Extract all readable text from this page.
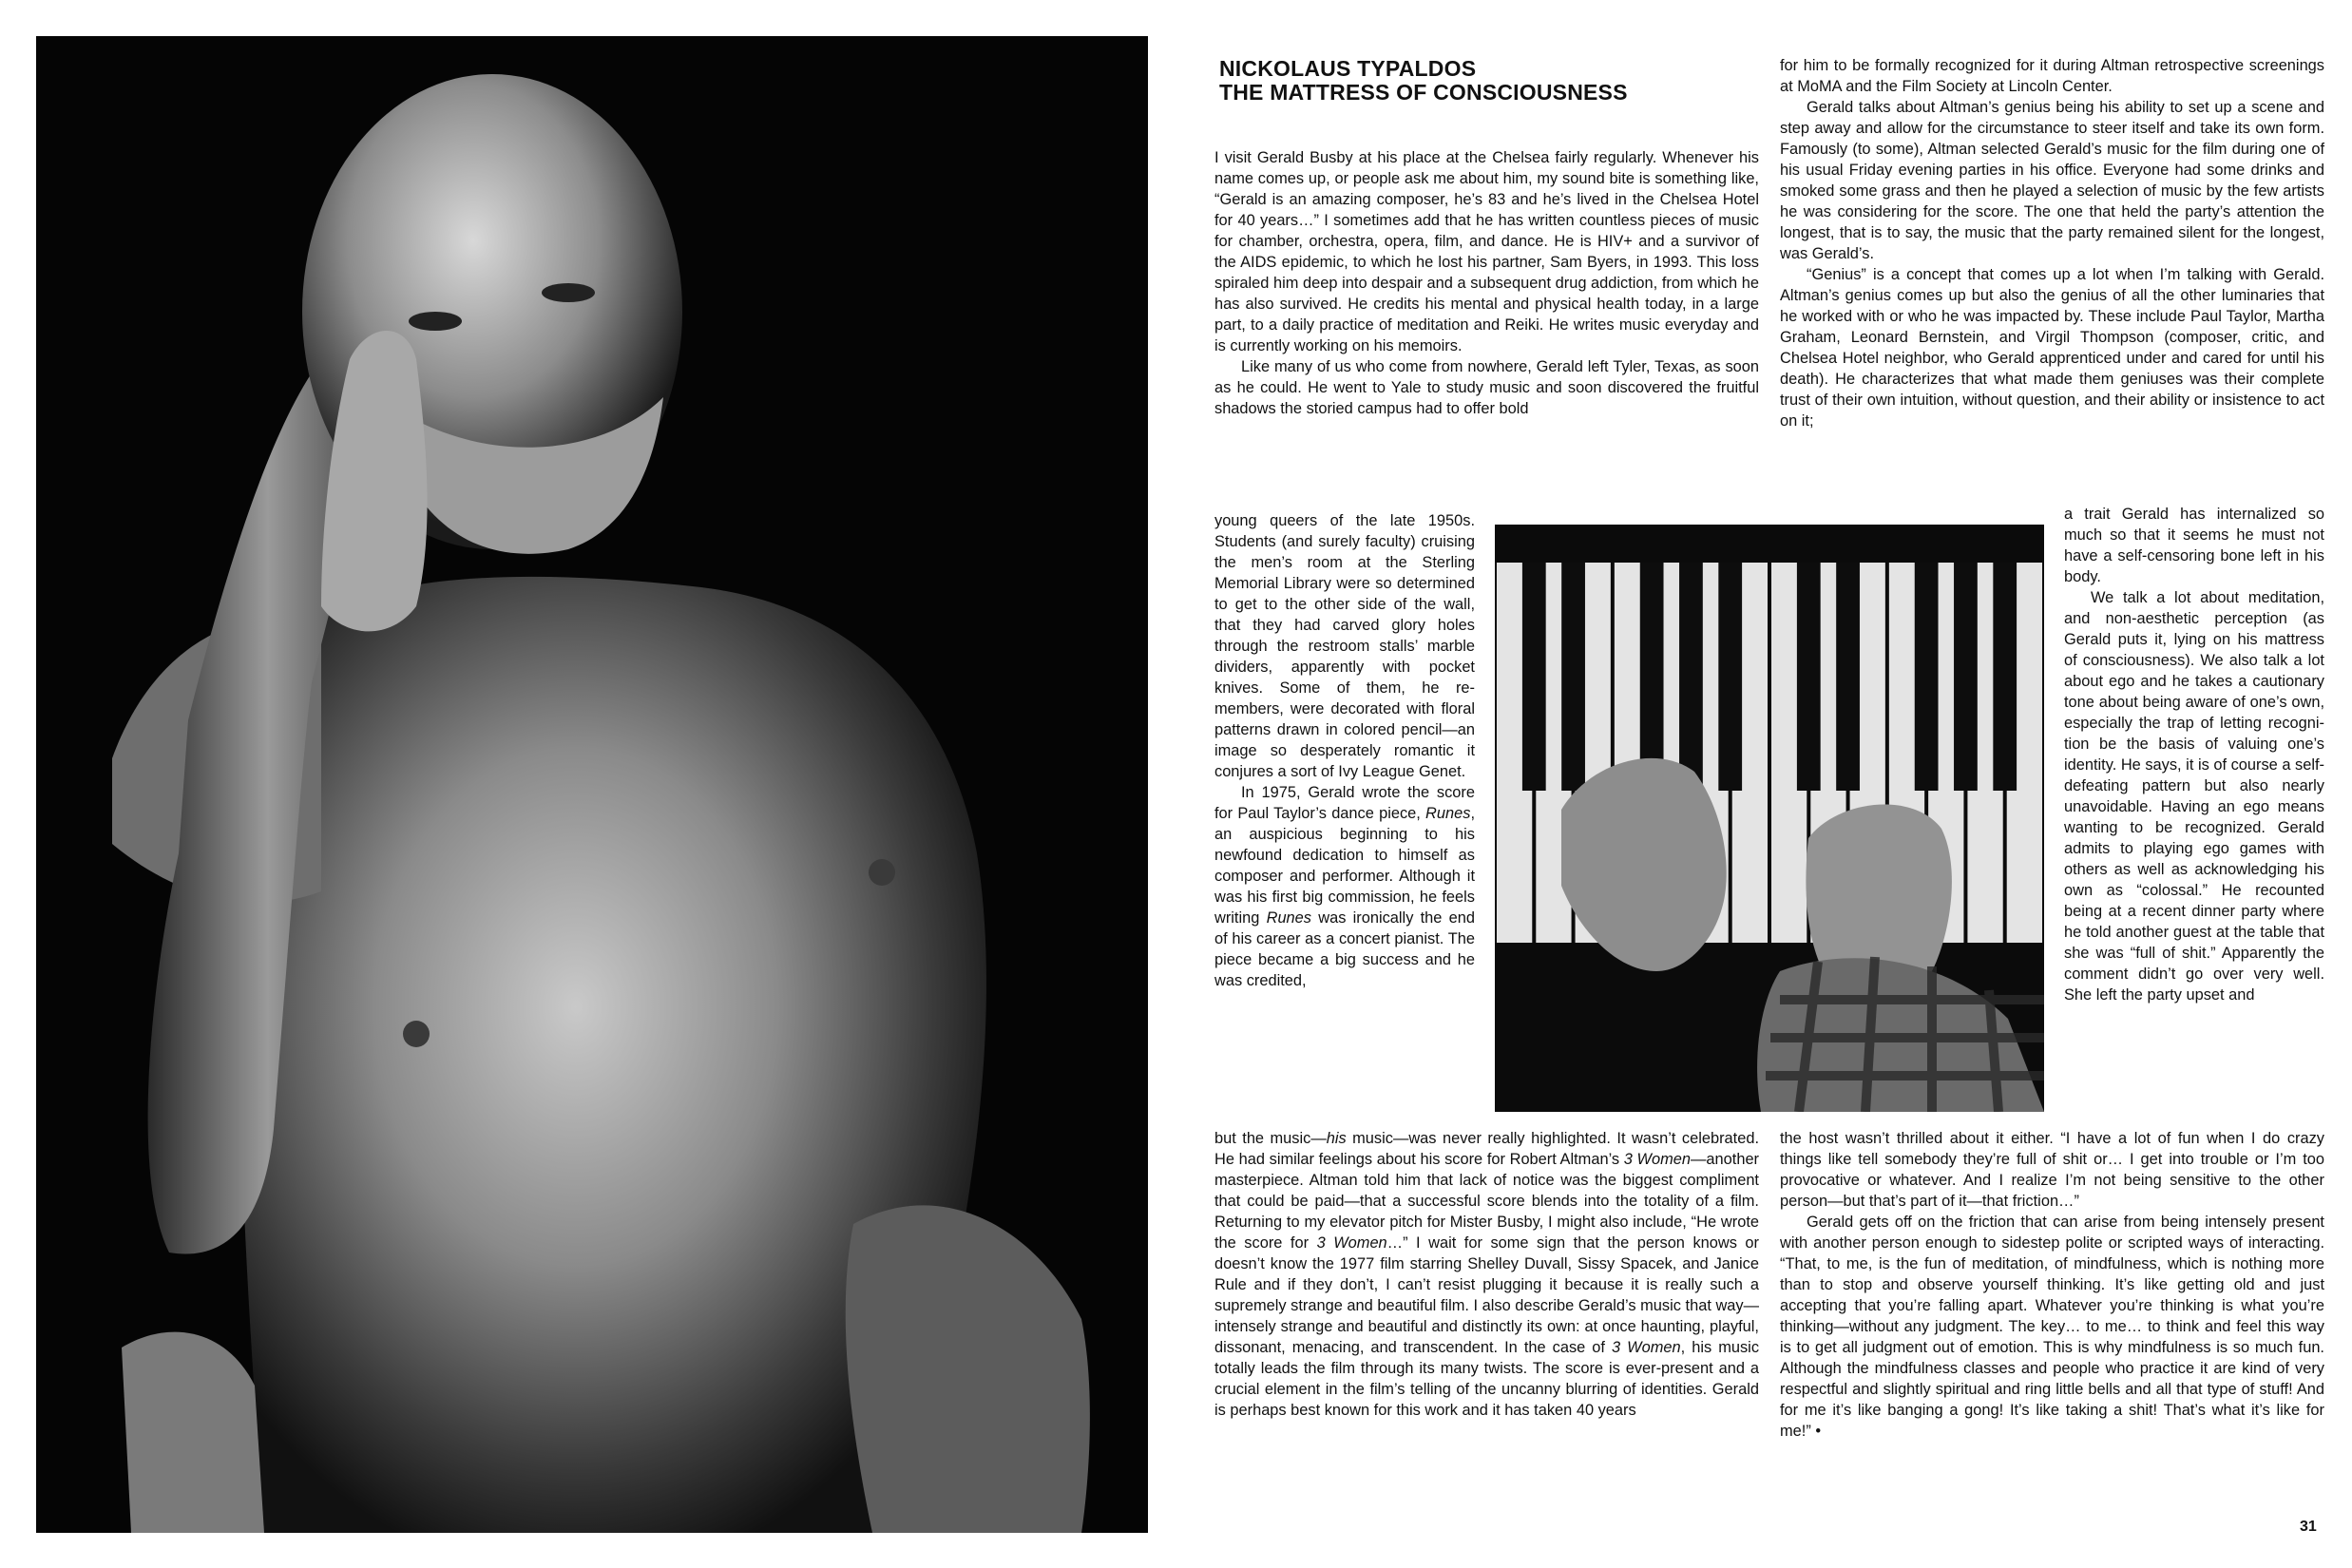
NICKOLAUS TYPALDOS
THE MATTRESS OF CONSCIOUSNESS

I visit Gerald Busby at his place at the Chelsea fairly regularly. Whenever his name comes up, or people ask me about him, my sound bite is something like, “Gerald is an amazing composer, he’s 83 and he’s lived in the Chelsea Hotel for 40 years…” I sometimes add that he has written countless pieces of music for chamber, orchestra, opera, film, and dance. He is HIV+ and a survivor of the AIDS epidemic, to which he lost his partner, Sam Byers, in 1993. This loss spiraled him deep into despair and a subsequent drug addiction, from which he has also survived. He credits his mental and physical health today, in a large part, to a daily practice of meditation and Reiki. He writes music everyday and is currently working on his memoirs.

Like many of us who come from nowhere, Gerald left Tyler, Texas, as soon as he could. He went to Yale to study music and soon discovered the fruitful shadows the storied campus had to offer bold

young queers of the late 1950s. Students (and surely faculty) cruising the men’s room at the Sterling Memorial Library were so determined to get to the other side of the wall, that they had carved glory holes through the restroom stalls’ marble dividers, apparently with pocket knives. Some of them, he remembers, were decorated with floral patterns drawn in colored pencil—an image so desperately romantic it conjures a sort of Ivy League Genet.

In 1975, Gerald wrote the score for Paul Taylor’s dance piece, Runes, an auspicious beginning to his newfound dedication to himself as composer and performer. Although it was his first big commission, he feels writing Runes was ironically the end of his career as a concert pianist. The piece became a big success and he was credited,

but the music—his music—was never really highlighted. It wasn’t celebrated. He had similar feelings about his score for Robert Altman’s 3 Women—another masterpiece. Altman told him that lack of notice was the biggest compliment that could be paid—that a successful score blends into the totality of a film. Returning to my elevator pitch for Mister Busby, I might also include, “He wrote the score for 3 Women…” I wait for some sign that the person knows or doesn’t know the 1977 film starring Shelley Duvall, Sissy Spacek, and Janice Rule and if they don’t, I can’t resist plugging it because it is really such a supremely strange and beautiful film. I also describe Gerald’s music that way—intensely strange and beautiful and distinctly its own: at once haunting, playful, dissonant, menacing, and transcendent. In the case of 3 Women, his music totally leads the film through its many twists. The score is ever-present and a crucial element in the film’s telling of the uncanny blurring of identities. Gerald is perhaps best known for this work and it has taken 40 years

for him to be formally recognized for it during Altman retrospective screenings at MoMA and the Film Society at Lincoln Center.

Gerald talks about Altman’s genius being his ability to set up a scene and step away and allow for the circumstance to steer itself and take its own form. Famously (to some), Altman selected Gerald’s music for the film during one of his usual Friday evening parties in his office. Everyone had some drinks and smoked some grass and then he played a selection of music by the few artists he was considering for the score. The one that held the party’s attention the longest, that is to say, the music that the party remained silent for the longest, was Gerald’s.

“Genius” is a concept that comes up a lot when I’m talking with Gerald. Altman’s genius comes up but also the genius of all the other luminaries that he worked with or who he was impacted by. These include Paul Taylor, Martha Graham, Leonard Bernstein, and Virgil Thompson (composer, critic, and Chelsea Hotel neighbor, who Gerald apprenticed under and cared for until his death). He characterizes that what made them geniuses was their complete trust of their own intuition, without question, and their ability or insistence to act on it;

a trait Gerald has internalized so much so that it seems he must not have a self-censoring bone left in his body.

We talk a lot about meditation, and non-aesthetic perception (as Gerald puts it, lying on his mattress of consciousness). We also talk a lot about ego and he takes a cautionary tone about being aware of one’s own, especially the trap of letting recognition be the basis of valuing one’s identity. He says, it is of course a self-defeating pattern but also nearly unavoidable. Having an ego means wanting to be recognized. Gerald admits to playing ego games with others as well as acknowledging his own as “colossal.” He recounted being at a recent dinner party where he told another guest at the table that she was “full of shit.” Apparently the comment didn’t go over very well. She left the party upset and

the host wasn’t thrilled about it either. “I have a lot of fun when I do crazy things like tell somebody they’re full of shit or… I get into trouble or I’m too provocative or whatever. And I realize I’m not being sensitive to the other person—but that’s part of it—that friction…”

Gerald gets off on the friction that can arise from being intensely present with another person enough to sidestep polite or scripted ways of interacting. “That, to me, is the fun of meditation, of mindfulness, which is nothing more than to stop and observe yourself thinking. It’s like getting old and just accepting that you’re falling apart. Whatever you’re thinking is what you’re thinking—without any judgment. The key… to me… to think and feel this way is to get all judgment out of emotion. This is why mindfulness is so much fun. Although the mindfulness classes and people who practice it are kind of very respectful and slightly spiritual and ring little bells and all that type of stuff! And for me it’s like banging a gong! It’s like taking a shit! That’s what it’s like for me!” •

31
